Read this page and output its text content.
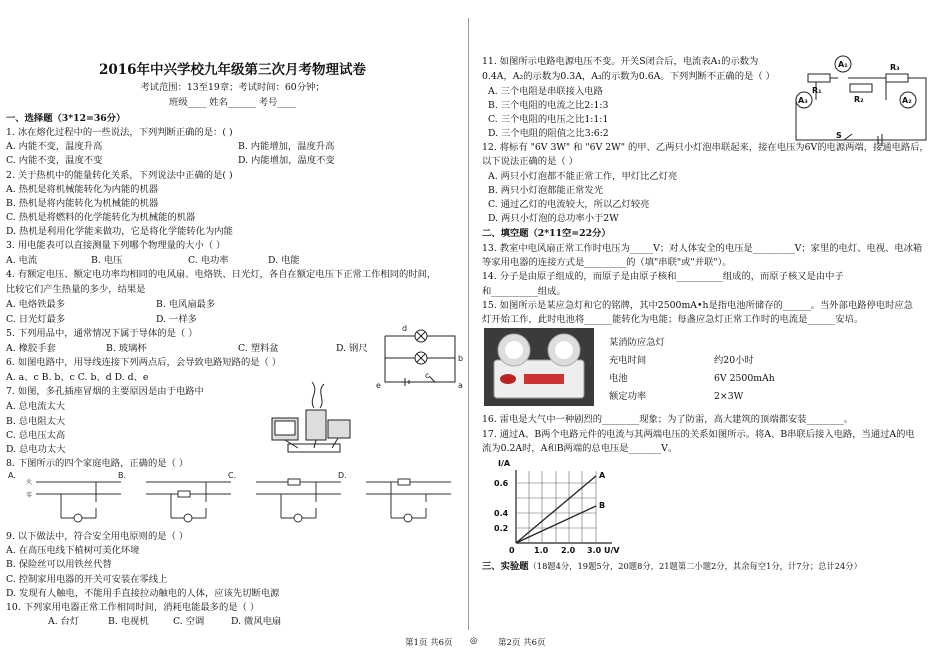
2016年中兴学校九年级第三次月考物理试卷
考试范围：13至19章；考试时间：60分钟；
班级____ 姓名______ 考号____
一、选择题（3*12=36分）
1. 冰在熔化过程中的一些说法，下列判断正确的是：( )
A. 内能不变，温度升高	B. 内能增加，温度升高
C. 内能不变，温度不变	D. 内能增加，温度不变
2. 关于热机中的能量转化关系，下列说法中正确的是( )
A. 热机是将机械能转化为内能的机器
B. 热机是将内能转化为机械能的机器
C. 热机是将燃料的化学能转化为机械能的机器
D. 热机是利用化学能来做功，它是将化学能转化为内能
3. 用电能表可以直接测量下列哪个物理量的大小（ ）
A. 电流	B. 电压	C. 电功率	D. 电能
4. 有额定电压、额定电功率均相同的电风扇、电烙铁、日光灯，各自在额定电压下正常工作相同的时间，
比较它们产生热量的多少，结果是
A. 电烙铁最多	B. 电风扇最多
C. 日光灯最多	D. 一样多
5. 下列用品中，通常情况下属于导体的是（ ）
A. 橡胶手套	B. 玻璃杯	C. 塑料盆	D. 钢尺
6. 如图电路中，用导线连接下列两点后，会导致电路短路的是（ ）
A. a、c B. b、c C. b、d D. d、e
d
b
e
c
a
7. 如图，多孔插座冒烟的主要原因是由于电路中
A. 总电流太大
B. 总电阻太大
C. 总电压太高
D. 总电功太大
8. 下图所示的四个家庭电路，正确的是（ ）
A.	B.	C.	D.
火
零
9. 以下做法中，符合安全用电原则的是（ ）
A. 在高压电线下植树可美化环境
B. 保险丝可以用铁丝代替
C. 控制家用电器的开关可安装在零线上
D. 发现有人触电，不能用手直接拉动触电的人体，应该先切断电源
10. 下列家用电器正常工作相同时间，消耗电能最多的是（ ）
A. 台灯	B. 电视机	C. 空调	D. 微风电扇
11. 如图所示电路电源电压不变。开关S闭合后，电流表A₁的示数为
0.4A，A₂的示数为0.3A，A₃的示数为0.6A。下列判断不正确的是（ ）
A. 三个电阻是串联接入电路
B. 三个电阻的电流之比2:1:3
C. 三个电阻的电压之比1:1:1
D. 三个电阻的阻值之比3:6:2
A₁
R₁
R₂
R₃
A₃	A₂
S
12. 将标有 "6V 3W" 和 "6V 2W" 的甲、乙两只小灯泡串联起来，接在电压为6V的电源两端，接通电路后，
以下说法正确的是（ ）
A. 两只小灯泡都不能正常工作，甲灯比乙灯亮
B. 两只小灯泡都能正常发光
C. 通过乙灯的电流较大，所以乙灯较亮
D. 两只小灯泡的总功率小于2W
二、填空题（2*11空=22分）
13. 教室中电风扇正常工作时电压为_____V；对人体安全的电压是_________V；家里的电灯、电视、电冰箱
等家用电器的连接方式是_________的（填"串联"或"并联"）。
14. 分子是由原子组成的，而原子是由原子核和__________组成的，而原子核又是由中子
和__________组成。
15. 如图所示是某应急灯和它的铭牌，其中2500mA•h是指电池所储存的______。当外部电路停电时应急
灯开始工作，此时电池将______能转化为电能；每盏应急灯正常工作时的电流是______安培。
某消防应急灯
充电时间	约20小时
电池	6V 2500mAh
额定功率	2×3W
16. 雷电是大气中一种剧烈的________现象；为了防雷，高大建筑的顶端都安装________。
17. 通过A、B两个电路元件的电流与其两端电压的关系如图所示。将A、B串联后接入电路，当通过A的电
流为0.2A时，A和B两端的总电压是_______V。
I/A
U/V
0.6
0.4
0.2
0 1.0 2.0 3.0
A
B
三、实验题（18题4分，19题5分，20题8分，21题第二小题2分，其余每空1分，计7分；总计24分）
第1页 共6页 ◎ 第2页 共6页
